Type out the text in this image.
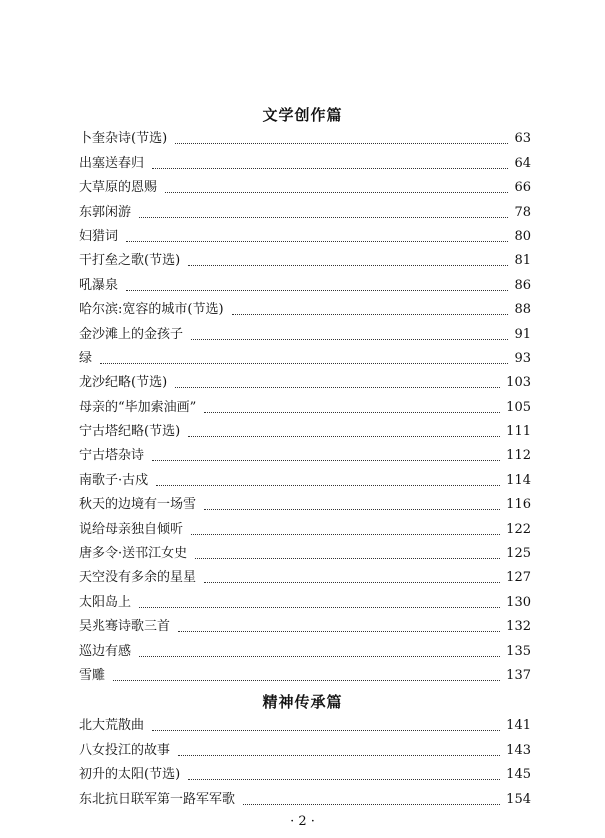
文学创作篇
卜奎杂诗(节选)	63
出塞送春归	64
大草原的恩赐	66
东郭闲游	78
妇猎词	80
干打垒之歌(节选)	81
吼瀑泉	86
哈尔滨:宽容的城市(节选)	88
金沙滩上的金孩子	91
绿	93
龙沙纪略(节选)	103
母亲的“毕加索油画”	105
宁古塔纪略(节选)	111
宁古塔杂诗	112
南歌子·古戍	114
秋天的边境有一场雪	116
说给母亲独自倾听	122
唐多令·送邗江女史	125
天空没有多余的星星	127
太阳岛上	130
吴兆骞诗歌三首	132
巡边有感	135
雪雕	137
精神传承篇
北大荒散曲	141
八女投江的故事	143
初升的太阳(节选)	145
东北抗日联军第一路军军歌	154
· 2 ·
